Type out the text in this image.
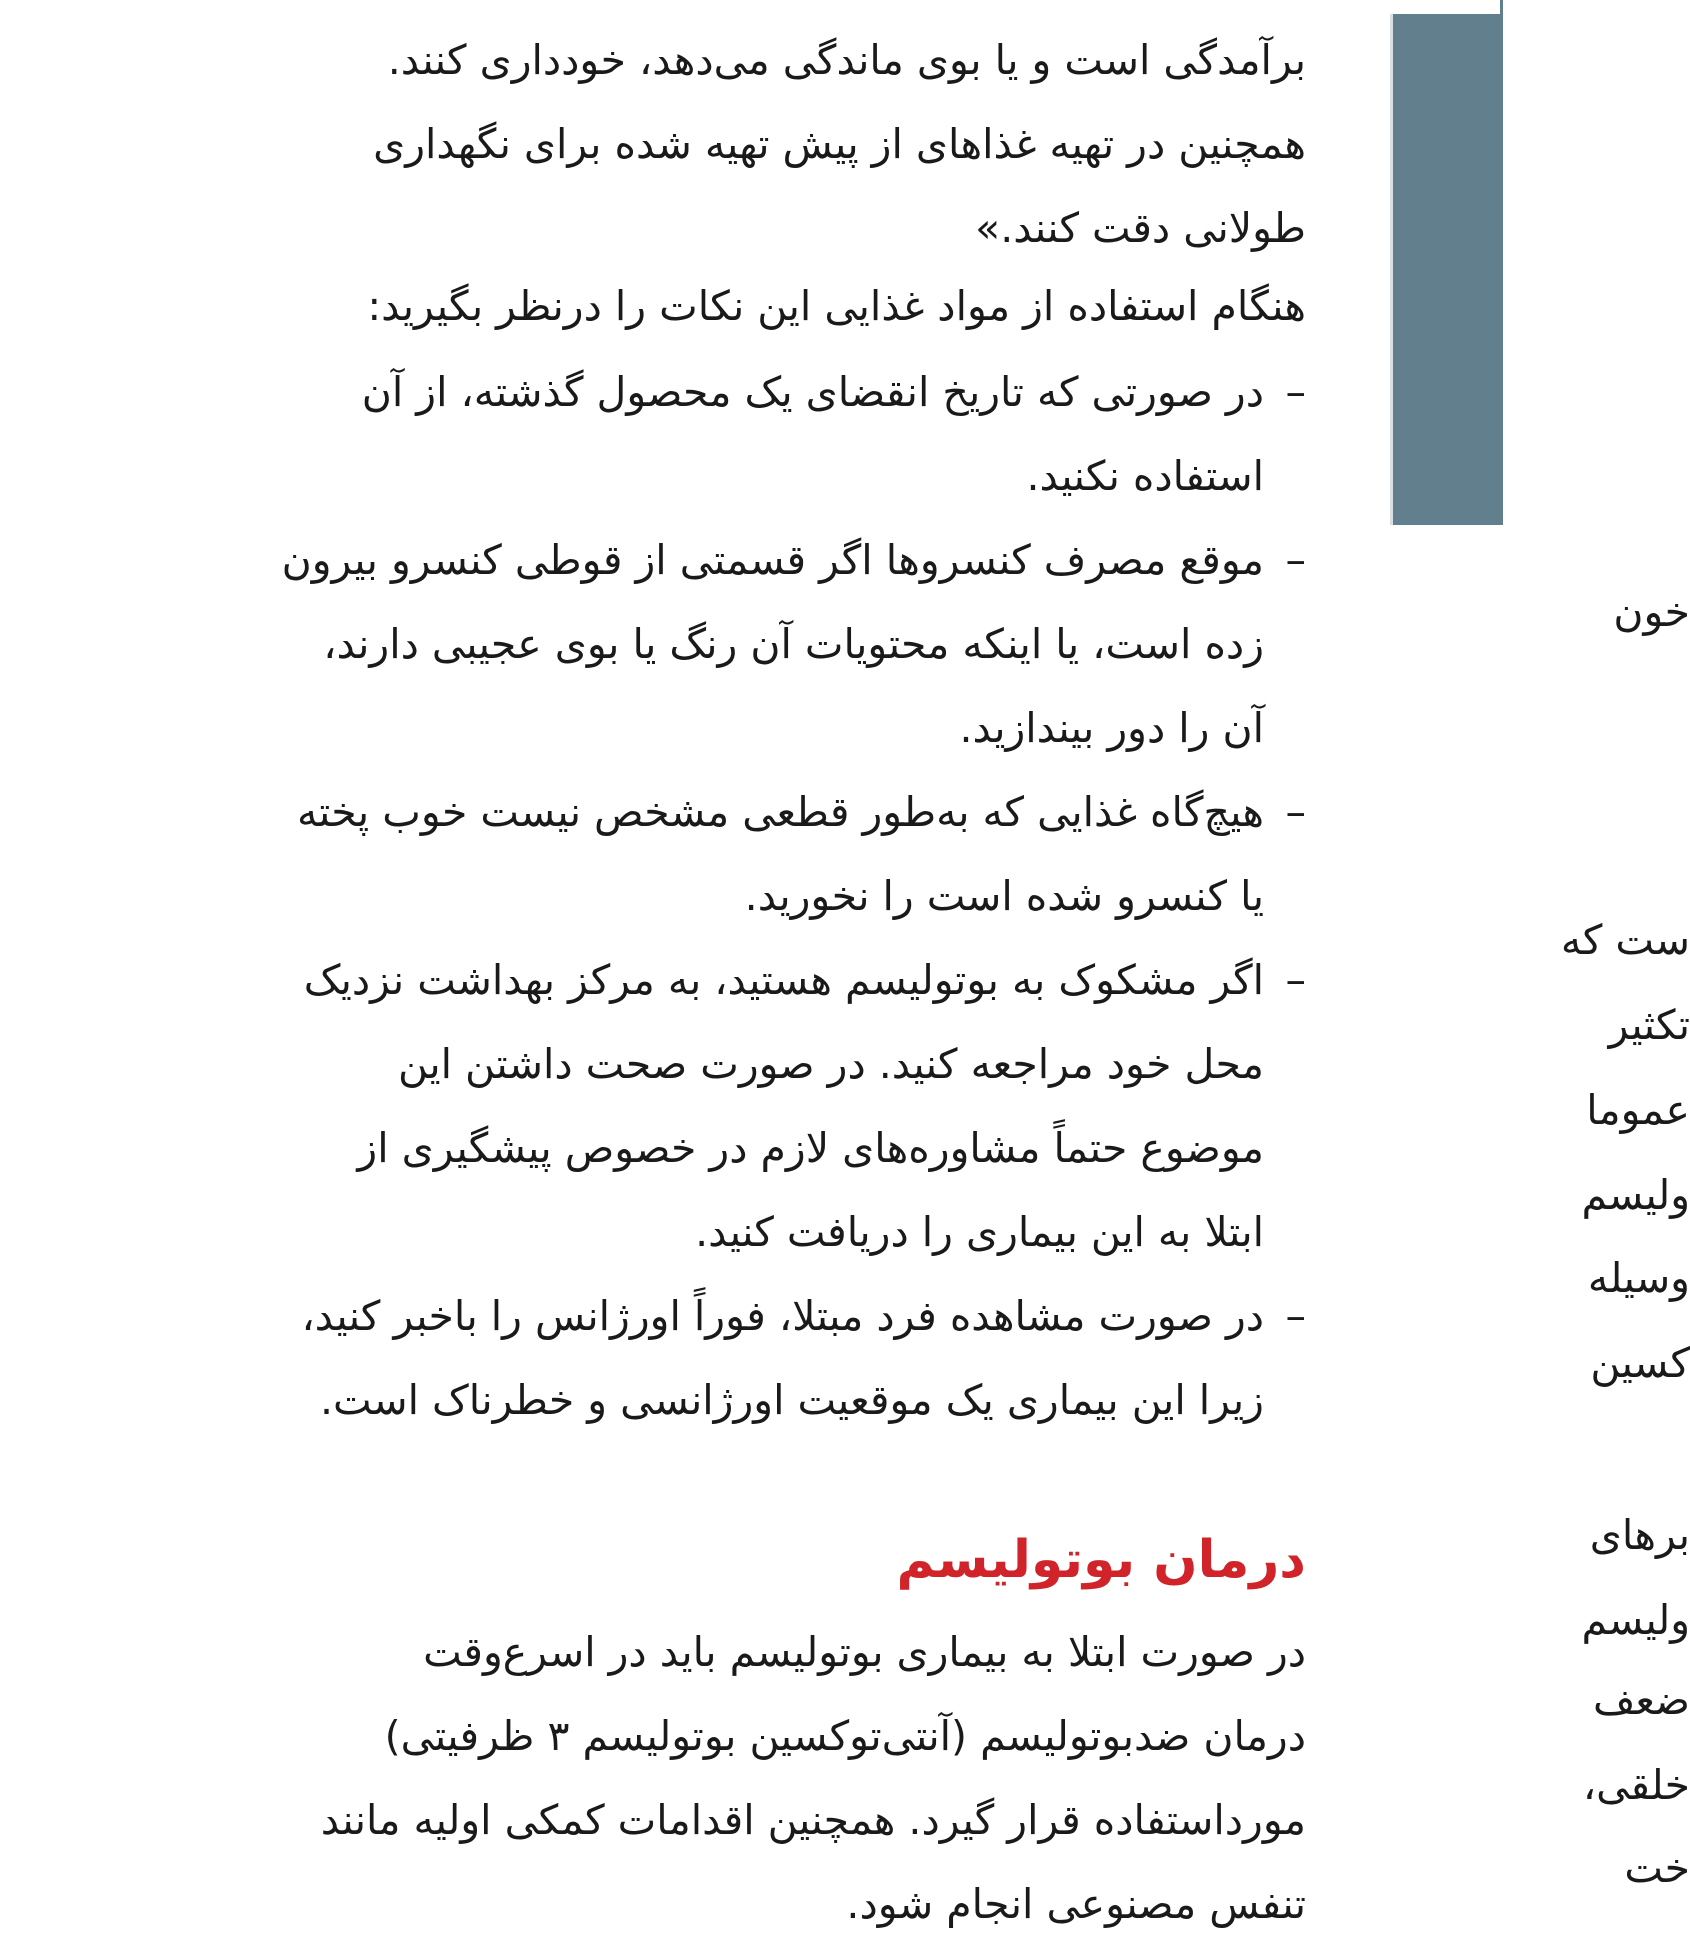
برآمدگی است و یا بوی ماندگی می‌دهد، خودداری کنند.
همچنین در تهیه غذاهای از پیش تهیه شده برای نگهداری
طولانی دقت کنند.»
هنگام استفاده از مواد غذایی این نکات را درنظر بگیرید:
–
در صورتی که تاریخ انقضای یک محصول گذشته، از آن
استفاده نکنید.
–
موقع مصرف کنسروها اگر قسمتی از قوطی کنسرو بیرون
زده است، یا اینکه محتویات آن رنگ یا بوی عجیبی دارند،
آن را دور بیندازید.
–
هیچ‌گاه غذایی که به‌طور قطعی مشخص نیست خوب پخته
یا کنسرو شده است را نخورید.
–
اگر مشکوک به بوتولیسم هستید، به مرکز بهداشت نزدیک
محل خود مراجعه کنید. در صورت صحت داشتن این
موضوع حتماً مشاوره‌های لازم در خصوص پیشگیری از
ابتلا به این بیماری را دریافت کنید.
–
در صورت مشاهده فرد مبتلا، فوراً اورژانس را باخبر کنید،
زیرا این بیماری یک موقعیت اورژانسی و خطرناک است.
درمان بوتولیسم
در صورت ابتلا به بیماری بوتولیسم باید در اسرع‌وقت
درمان ضدبوتولیسم (آنتی‌توکسین بوتولیسم ۳ ظرفیتی)
مورداستفاده قرار گیرد. همچنین اقدامات کمکی اولیه مانند
تنفس مصنوعی انجام شود.
خون
ست که
تکثیر
عموما
ولیسم
وسیله
کسین
برهای
ولیسم
ضعف
خلقی،
خت
